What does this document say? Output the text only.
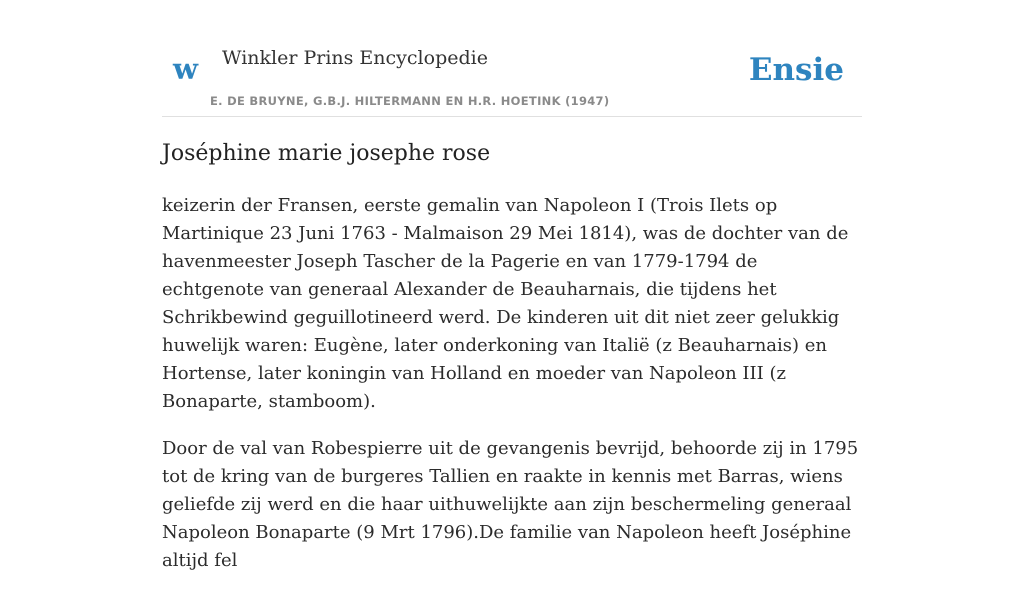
w Winkler Prins Encyclopedie
E. DE BRUYNE, G.B.J. HILTERMANN EN H.R. HOETINK (1947)
Ensie
Joséphine marie josephe rose

keizerin der Fransen, eerste gemalin van Napoleon I (Trois Ilets op Martinique 23 Juni 1763 - Malmaison 29 Mei 1814), was de dochter van de havenmeester Joseph Tascher de la Pagerie en van 1779-1794 de echtgenote van generaal Alexander de Beauharnais, die tijdens het Schrikbewind geguillotineerd werd. De kinderen uit dit niet zeer gelukkig huwelijk waren: Eugène, later onderkoning van Italië (z Beauharnais) en Hortense, later koningin van Holland en moeder van Napoleon III (z Bonaparte, stamboom).

Door de val van Robespierre uit de gevangenis bevrijd, behoorde zij in 1795 tot de kring van de burgeres Tallien en raakte in kennis met Barras, wiens geliefde zij werd en die haar uithuwelijkte aan zijn beschermeling generaal Napoleon Bonaparte (9 Mrt 1796).De familie van Napoleon heeft Joséphine altijd fel
